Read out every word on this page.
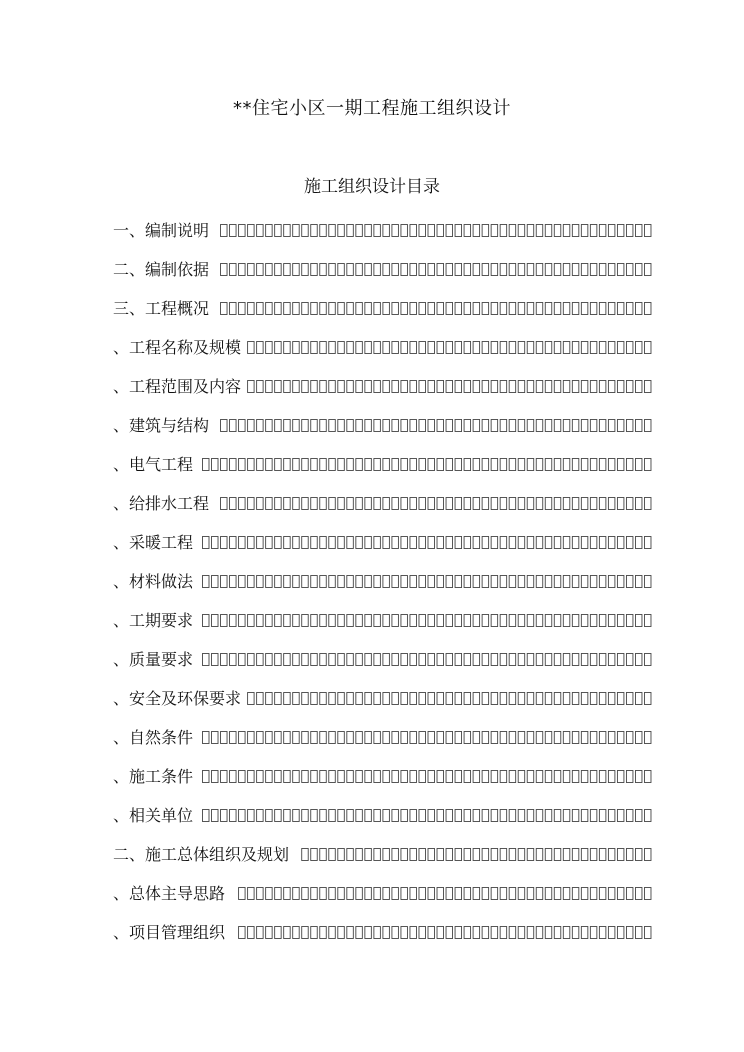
**住宅小区一期工程施工组织设计
施工组织设计目录
一、编制说明
二、编制依据
三、工程概况
、工程名称及规模
、工程范围及内容
、建筑与结构
、电气工程
、给排水工程
、采暖工程
、材料做法
、工期要求
、质量要求
、安全及环保要求
、自然条件
、施工条件
、相关单位
二、施工总体组织及规划
、总体主导思路
、项目管理组织
